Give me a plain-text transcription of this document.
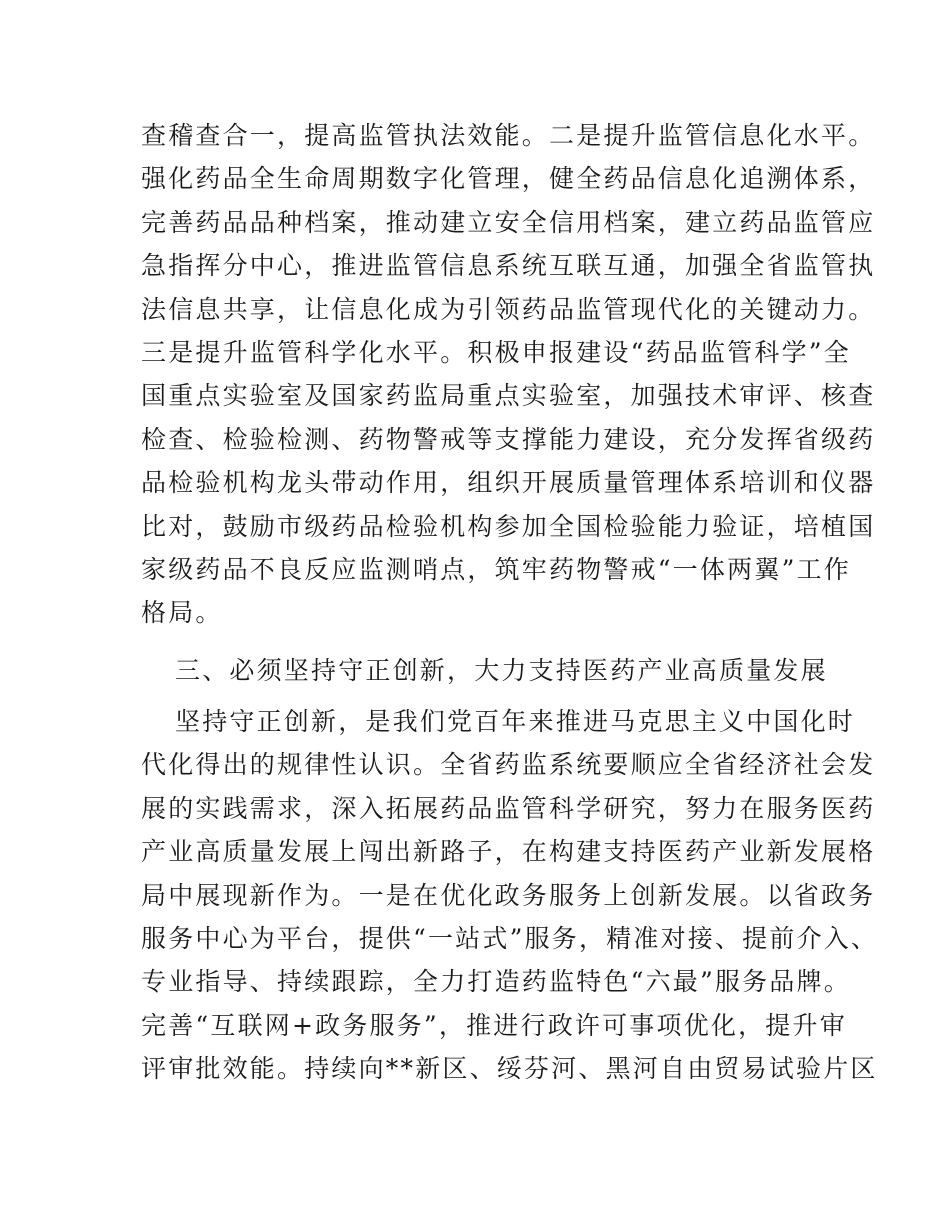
查稽查合一，提高监管执法效能。二是提升监管信息化水平。
强化药品全生命周期数字化管理，健全药品信息化追溯体系，
完善药品品种档案，推动建立安全信用档案，建立药品监管应
急指挥分中心，推进监管信息系统互联互通，加强全省监管执
法信息共享，让信息化成为引领药品监管现代化的关键动力。
三是提升监管科学化水平。积极申报建设“药品监管科学”全
国重点实验室及国家药监局重点实验室，加强技术审评、核查
检查、检验检测、药物警戒等支撑能力建设，充分发挥省级药
品检验机构龙头带动作用，组织开展质量管理体系培训和仪器
比对，鼓励市级药品检验机构参加全国检验能力验证，培植国
家级药品不良反应监测哨点，筑牢药物警戒“一体两翼”工作
格局。
三、必须坚持守正创新，大力支持医药产业高质量发展
坚持守正创新，是我们党百年来推进马克思主义中国化时
代化得出的规律性认识。全省药监系统要顺应全省经济社会发
展的实践需求，深入拓展药品监管科学研究，努力在服务医药
产业高质量发展上闯出新路子，在构建支持医药产业新发展格
局中展现新作为。一是在优化政务服务上创新发展。以省政务
服务中心为平台，提供“一站式”服务，精准对接、提前介入、
专业指导、持续跟踪，全力打造药监特色“六最”服务品牌。
完善“互联网+政务服务”，推进行政许可事项优化，提升审
评审批效能。持续向**新区、绥芬河、黑河自由贸易试验片区
